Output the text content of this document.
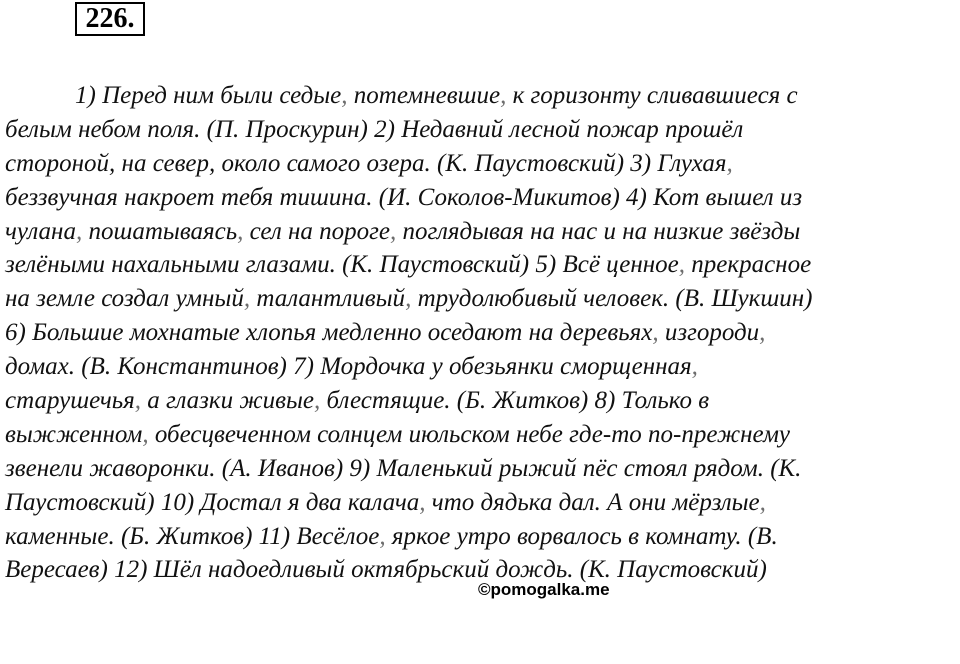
226.
1) Перед ним были седые, потемневшие, к горизонту сливавшиеся с
белым небом поля. (П. Проскурин) 2) Недавний лесной пожар прошёл
стороной, на север, около самого озера. (К. Паустовский) 3) Глухая,
беззвучная накроет тебя тишина. (И. Соколов-Микитов) 4) Кот вышел из
чулана, пошатываясь, сел на пороге, поглядывая на нас и на низкие звёзды
зелёными нахальными глазами. (К. Паустовский) 5) Всё ценное, прекрасное
на земле создал умный, талантливый, трудолюбивый человек. (В. Шукшин)
6) Большие мохнатые хлопья медленно оседают на деревьях, изгороди,
домах. (В. Константинов) 7) Мордочка у обезьянки сморщенная,
старушечья, а глазки живые, блестящие. (Б. Житков) 8) Только в
выжженном, обесцвеченном солнцем июльском небе где-то по-прежнему
звенели жаворонки. (А. Иванов) 9) Маленький рыжий пёс стоял рядом. (К.
Паустовский) 10) Достал я два калача, что дядька дал. А они мёрзлые,
каменные. (Б. Житков) 11) Весёлое, яркое утро ворвалось в комнату. (В.
Вересаев) 12) Шёл надоедливый октябрьский дождь. (К. Паустовский)
©pomogalka.me
